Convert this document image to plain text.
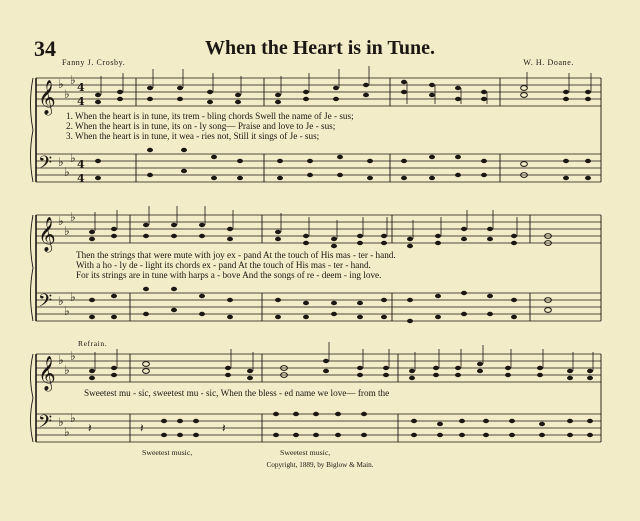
𝄞
𝄢
𝄞
𝄢
𝄞
𝄢
♭
♭
♭
♭
♭
♭
♭
♭
♭
♭
♭
♭
♭
♭
♭
♭
♭
♭
4
4
4
4
𝄽	𝄽	𝄽
34	When the Heart is in Tune.
Fanny J. Crosby.	W. H. Doane.
1. When the heart is in tune, its trem - bling chords Swell the name of Je - sus;
2. When the heart is in tune, its on - ly song— Praise and love to Je - sus;
3. When the heart is in tune, it wea - ries not, Still it sings of Je - sus;
Then the strings that were mute with joy ex - pand At the touch of His mas - ter - hand.
With a ho - ly de - light its chords ex - pand At the touch of His mas - ter - hand.
For its strings are in tune with harps a - bove And the songs of re - deem - ing love.
Refrain.
Sweetest mu - sic, sweetest mu - sic, When the bless - ed name we love— from the
Sweetest music,	Sweetest music,
Copyright, 1889, by Biglow & Main.
